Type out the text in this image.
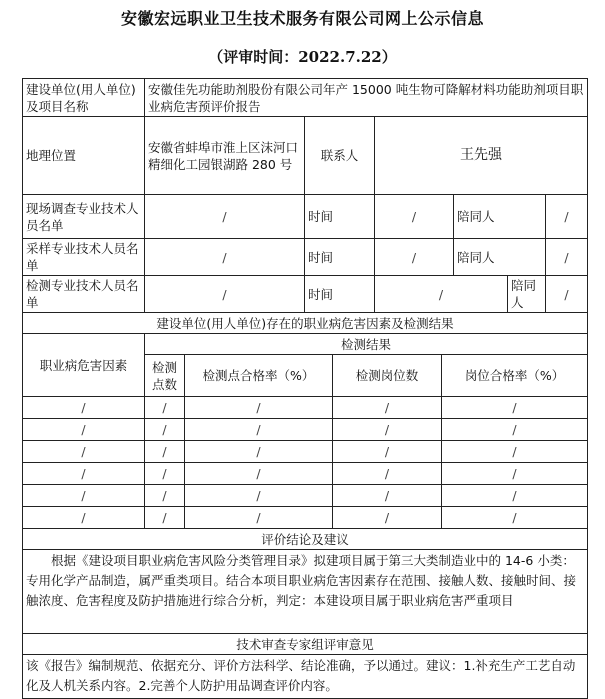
安徽宏远职业卫生技术服务有限公司网上公示信息
（评审时间：2022.7.22）
建设单位(用人单位)及项目名称	安徽佳先功能助剂股份有限公司年产 15000 吨生物可降解材料功能助剂项目职业病危害预评价报告								
地理位置	安徽省蚌埠市淮上区沫河口精细化工园银湖路 280 号		联系人		王先强				
现场调查专业技术人员名单	/		时间		/		陪同人		/
采样专业技术人员名单	/		时间		/		陪同人		/
检测专业技术人员名单	/		时间		/			陪同人	/
建设单位(用人单位)存在的职业病危害因素及检测结果									
职业病危害因素	检测结果								
	检测点数	检测点合格率（%）		检测岗位数		岗位合格率（%）			
/	/	/		/		/			
/	/	/		/		/			
/	/	/		/		/			
/	/	/		/		/			
/	/	/		/		/			
/	/	/		/		/			
评价结论及建议									
根据《建设项目职业病危害风险分类管理目录》拟建项目属于第三大类制造业中的 14-6 小类：专用化学产品制造，属严重类项目。结合本项目职业病危害因素存在范围、接触人数、接触时间、接触浓度、危害程度及防护措施进行综合分析，判定：本建设项目属于职业病危害严重项目									
技术审查专家组评审意见									
该《报告》编制规范、依据充分、评价方法科学、结论准确，予以通过。建议：1.补充生产工艺自动化及人机关系内容。2.完善个人防护用品调查评价内容。									
